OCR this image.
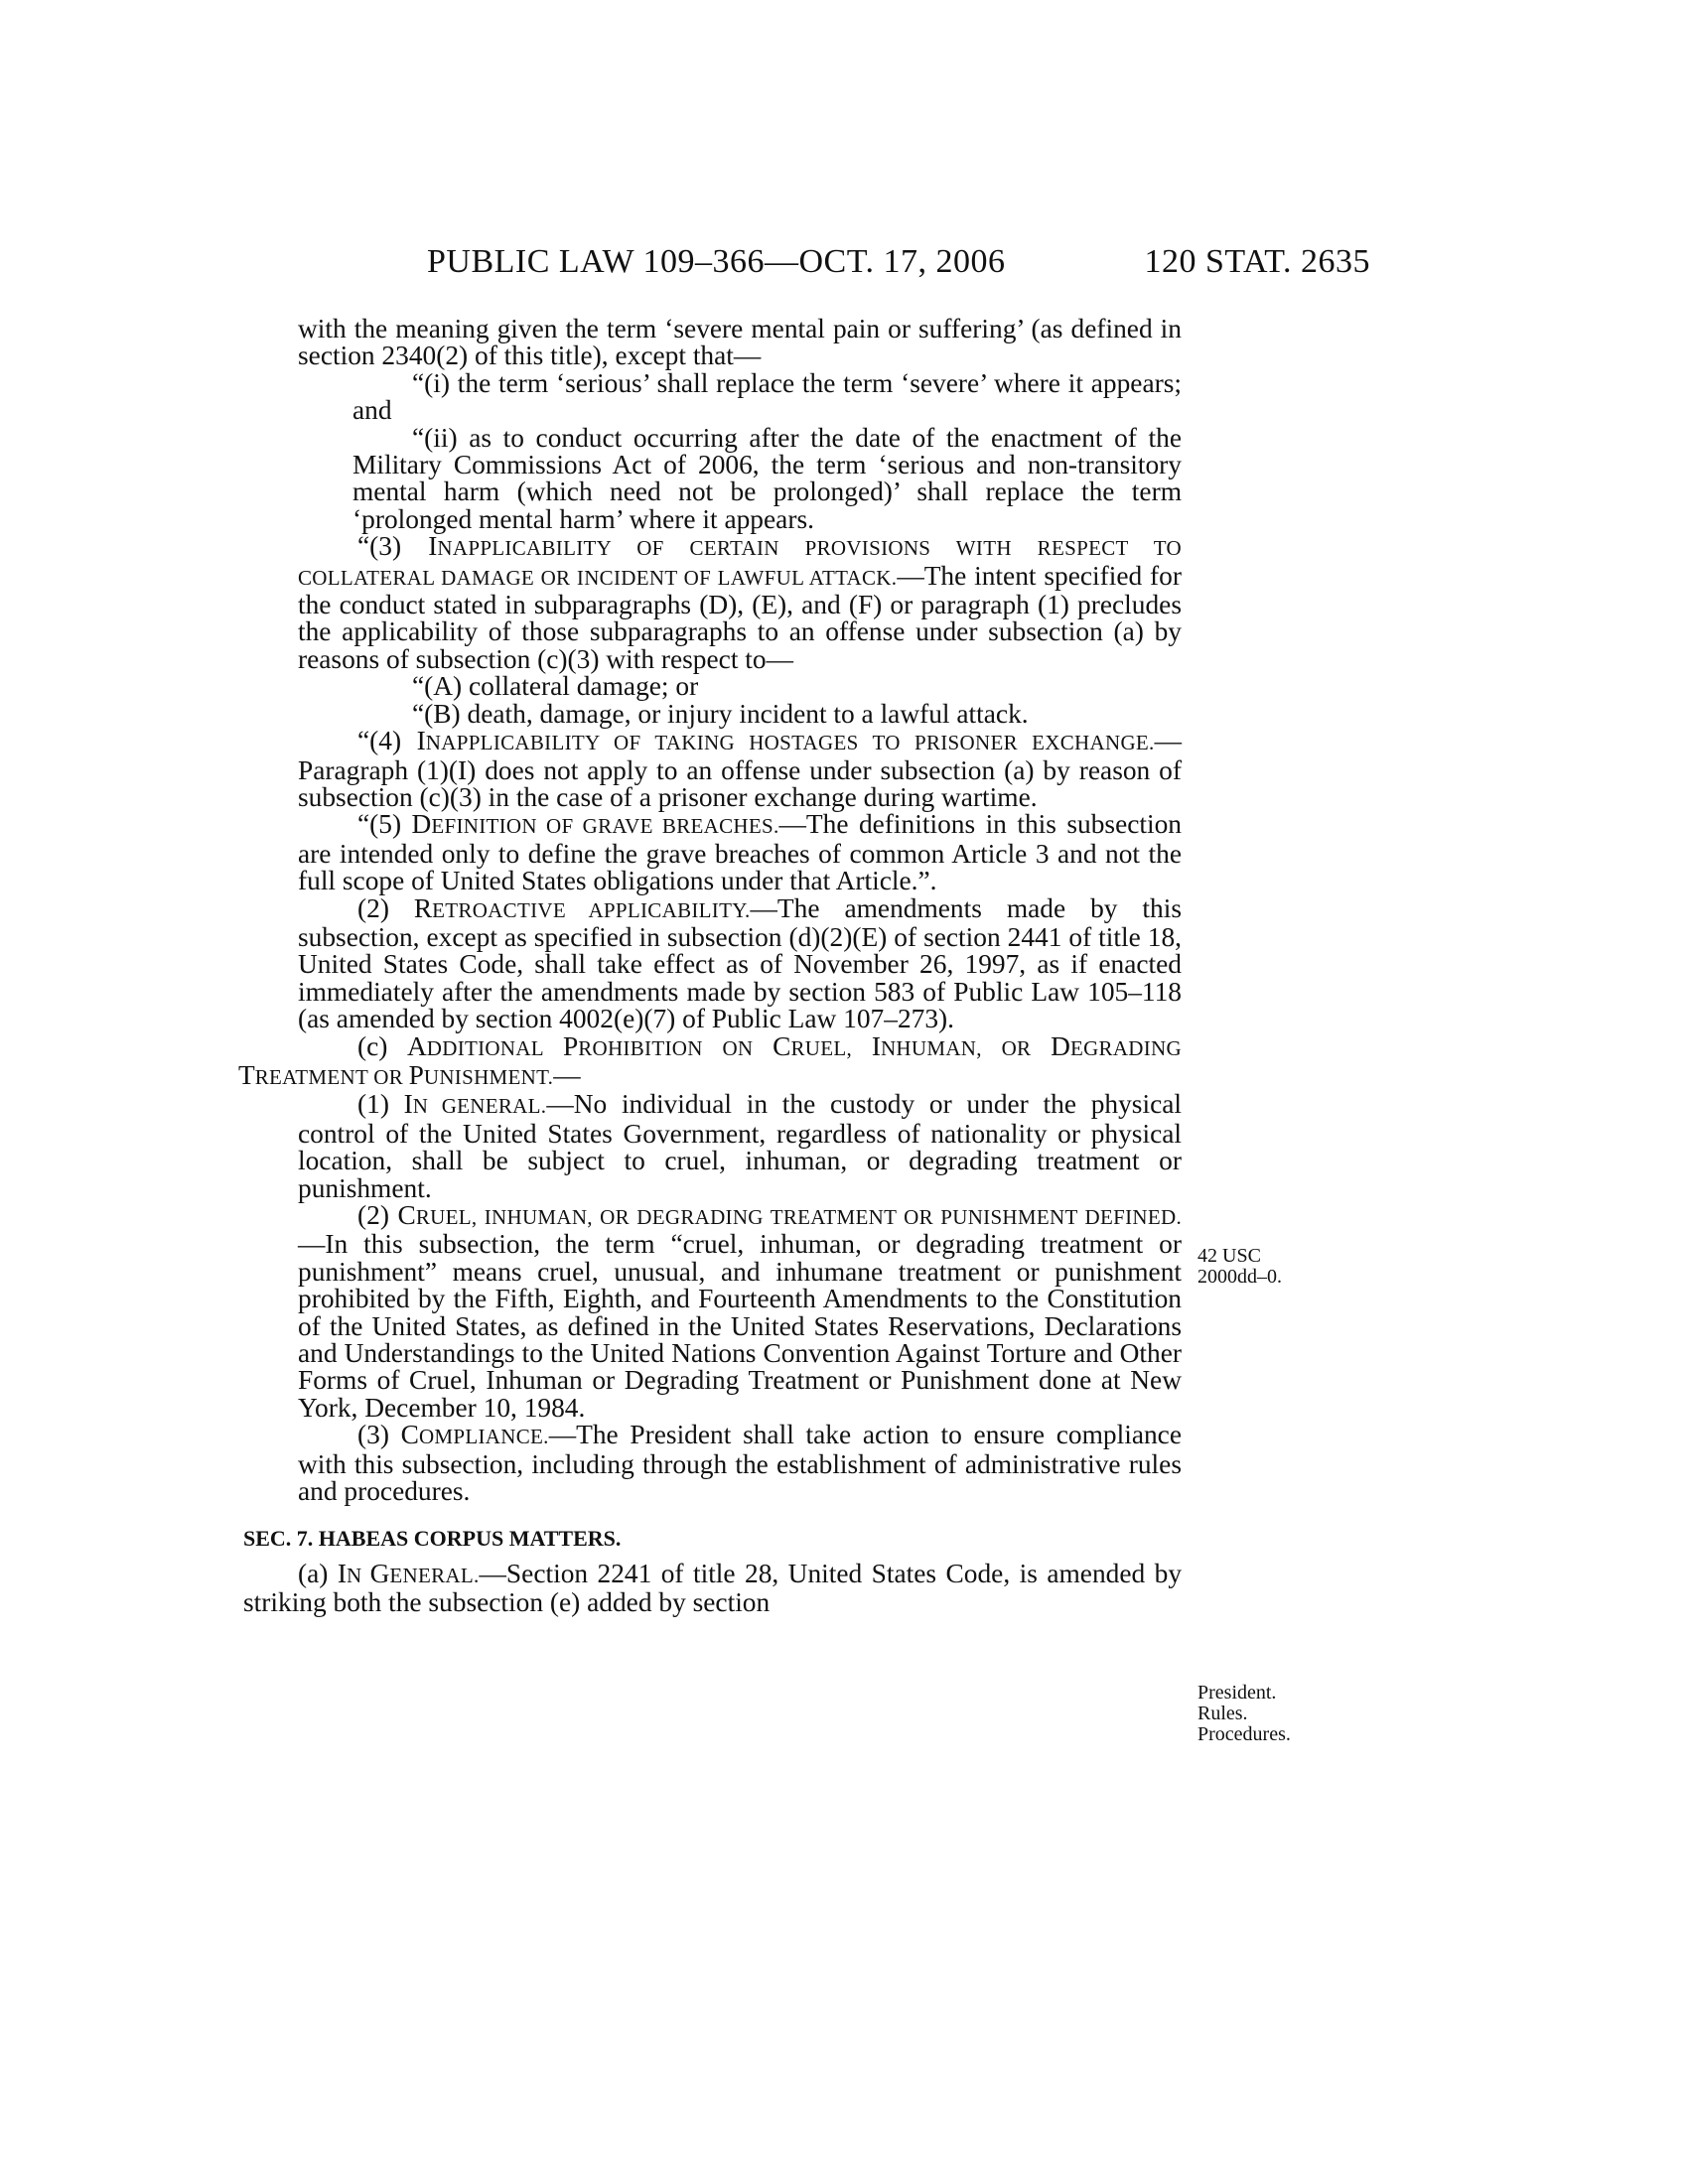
PUBLIC LAW 109–366—OCT. 17, 2006	120 STAT. 2635

with the meaning given the term ‘severe mental pain or suffering’ (as defined in section 2340(2) of this title), except that—

“(i) the term ‘serious’ shall replace the term ‘severe’ where it appears; and

“(ii) as to conduct occurring after the date of the enactment of the Military Commissions Act of 2006, the term ‘serious and non-transitory mental harm (which need not be prolonged)’ shall replace the term ‘prolonged mental harm’ where it appears.

“(3) INAPPLICABILITY OF CERTAIN PROVISIONS WITH RESPECT TO COLLATERAL DAMAGE OR INCIDENT OF LAWFUL ATTACK.—The intent specified for the conduct stated in subparagraphs (D), (E), and (F) or paragraph (1) precludes the applicability of those subparagraphs to an offense under subsection (a) by reasons of subsection (c)(3) with respect to—

“(A) collateral damage; or

“(B) death, damage, or injury incident to a lawful attack.

“(4) INAPPLICABILITY OF TAKING HOSTAGES TO PRISONER EXCHANGE.—Paragraph (1)(I) does not apply to an offense under subsection (a) by reason of subsection (c)(3) in the case of a prisoner exchange during wartime.

“(5) DEFINITION OF GRAVE BREACHES.—The definitions in this subsection are intended only to define the grave breaches of common Article 3 and not the full scope of United States obligations under that Article.”.

(2) RETROACTIVE APPLICABILITY.—The amendments made by this subsection, except as specified in subsection (d)(2)(E) of section 2441 of title 18, United States Code, shall take effect as of November 26, 1997, as if enacted immediately after the amendments made by section 583 of Public Law 105–118 (as amended by section 4002(e)(7) of Public Law 107–273).

(c) ADDITIONAL PROHIBITION ON CRUEL, INHUMAN, OR DEGRADING TREATMENT OR PUNISHMENT.—

(1) IN GENERAL.—No individual in the custody or under the physical control of the United States Government, regardless of nationality or physical location, shall be subject to cruel, inhuman, or degrading treatment or punishment.

(2) CRUEL, INHUMAN, OR DEGRADING TREATMENT OR PUNISHMENT DEFINED.—In this subsection, the term “cruel, inhuman, or degrading treatment or punishment” means cruel, unusual, and inhumane treatment or punishment prohibited by the Fifth, Eighth, and Fourteenth Amendments to the Constitution of the United States, as defined in the United States Reservations, Declarations and Understandings to the United Nations Convention Against Torture and Other Forms of Cruel, Inhuman or Degrading Treatment or Punishment done at New York, December 10, 1984.

(3) COMPLIANCE.—The President shall take action to ensure compliance with this subsection, including through the establishment of administrative rules and procedures.

SEC. 7. HABEAS CORPUS MATTERS.

(a) IN GENERAL.—Section 2241 of title 28, United States Code, is amended by striking both the subsection (e) added by section

42 USC
2000dd–0.
President.
Rules.
Procedures.
